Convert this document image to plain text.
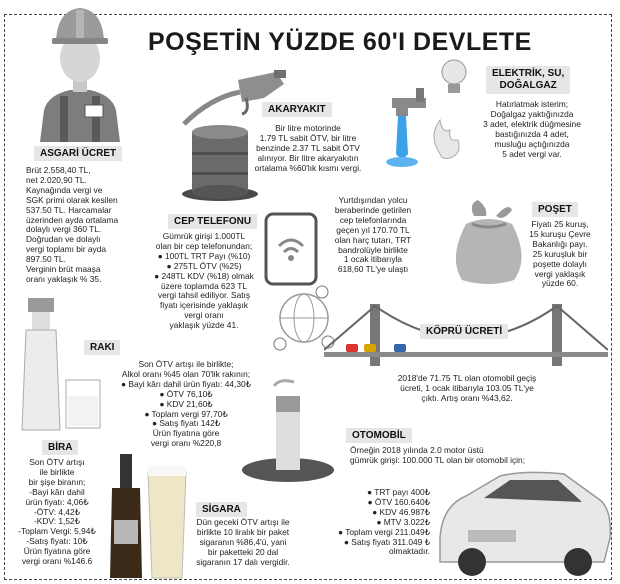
POŞETİN YÜZDE 60'I DEVLETE
ASGARİ ÜCRET
Brüt 2.558,40 TL,
net 2.020,90 TL.
Kaynağında vergi ve
SGK primi olarak kesilen
537.50 TL. Harcamalar
üzerinden ayda ortalama
dolaylı vergi 360 TL.
Doğrudan ve dolaylı
vergi toplamı bir ayda
897.50 TL.
Verginin brüt maaşa
oranı yaklaşık % 35.
AKARYAKIT
Bir litre motorinde
1.79 TL sabit ÖTV, bir litre
benzinde 2.37 TL sabit ÖTV
alınıyor. Bir litre akaryakıtın
ortalama %60'lık kısmı vergi.
ELEKTRİK, SU,
DOĞALGAZ
Hatırlatmak isterim;
Doğalgaz yaktığınızda
3 adet, elektrik düğmesine
bastığınızda 4 adet,
musluğu açtığınızda
5 adet vergi var.
CEP TELEFONU
Gümrük girişi 1.000TL
olan bir cep telefonundan;
● 100TL TRT Payı (%10)
● 275TL ÖTV (%25)
● 248TL KDV (%18) olmak
üzere toplamda 623 TL
vergi tahsil ediliyor. Satış
fiyatı içerisinde yaklaşık
vergi oranı
yaklaşık yüzde 41.
Yurtdışından yolcu
beraberinde getirilen
cep telefonlarında
geçen yıl 170.70 TL
olan harç tutarı, TRT
bandrolüyle birlikte
1 ocak itibarıyla
618,60 TL'ye ulaştı
POŞET
Fiyatı 25 kuruş,
15 kuruşu Çevre
Bakanlığı payı.
25 kuruşluk bir
poşette dolaylı
vergi yaklaşık
yüzde 60.
KÖPRÜ ÜCRETİ
2018'de 71.75 TL olan otomobil geçiş
ücreti, 1 ocak itibarıyla 103.05 TL'ye
çıktı. Artış oranı %43,62.
RAKI
Son ÖTV artışı ile birlikte;
Alkol oranı %45 olan 70'lik rakının;
● Bayi kârı dahil ürün fiyatı: 44,30₺
● ÖTV 76,10₺
● KDV 21,60₺
● Toplam vergi 97,70₺
● Satış fiyatı 142₺
Ürün fiyatına göre
vergi oranı %220,8
BİRA
Son ÖTV artışı
ile birlikte
bir şişe biranın;
-Bayi kârı dahil
ürün fiyatı: 4,06₺
-ÖTV: 4,42₺
-KDV: 1,52₺
-Toplam Vergi: 5,94₺
-Satış fiyatı: 10₺
Ürün fiyatına göre
vergi oranı %146.6
SİGARA
Dün geceki ÖTV artışı ile
birlikte 10 liralık bir paket
sigaranın %86,4'ü, yani
bir paketteki 20 dal
sigaranın 17 dalı vergidir.
OTOMOBİL
Örneğin 2018 yılında 2.0 motor üstü
gümrük girişi: 100.000 TL olan bir otomobil için;
● TRT payı 400₺
● ÖTV 160.640₺
● KDV 46.987₺
● MTV 3.022₺
● Toplam vergi 211.049₺
● Satış fiyatı 311.049 ₺
olmaktadır.
